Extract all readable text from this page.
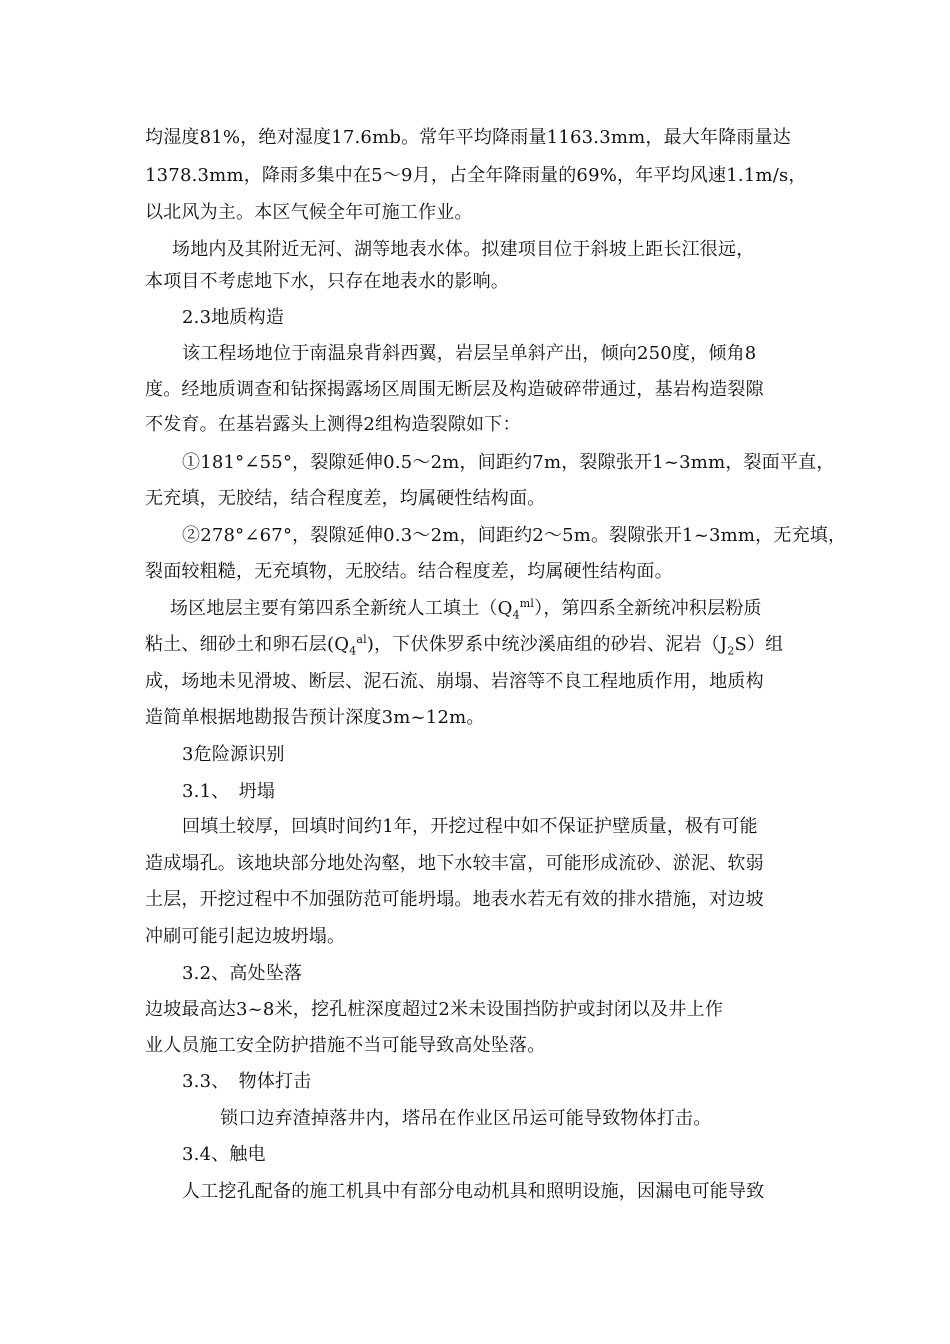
均湿度81%，绝对湿度17.6mb。常年平均降雨量1163.3mm，最大年降雨量达
1378.3mm，降雨多集中在5～9月，占全年降雨量的69%，年平均风速1.1m/s，
以北风为主。本区气候全年可施工作业。
场地内及其附近无河、湖等地表水体。拟建项目位于斜坡上距长江很远，
本项目不考虑地下水，只存在地表水的影响。
2.3地质构造
该工程场地位于南温泉背斜西翼，岩层呈单斜产出，倾向250度，倾角8
度。经地质调查和钻探揭露场区周围无断层及构造破碎带通过，基岩构造裂隙
不发育。在基岩露头上测得2组构造裂隙如下：
①181°∠55°，裂隙延伸0.5～2m，间距约7m，裂隙张开1~3mm，裂面平直，
无充填，无胶结，结合程度差，均属硬性结构面。
②278°∠67°，裂隙延伸0.3～2m，间距约2～5m。裂隙张开1~3mm，无充填，
裂面较粗糙，无充填物，无胶结。结合程度差，均属硬性结构面。
场区地层主要有第四系全新统人工填土$(Q_4^{ml})$，第四系全新统冲积层粉质
粘土、细砂土和卵石层$(Q_4^{al})$，下伏侏罗系中统沙溪庙组的砂岩、泥岩$(J_2S)$组
成，场地未见滑坡、断层、泥石流、崩塌、岩溶等不良工程地质作用，地质构
造简单根据地勘报告预计深度3m~12m。
3危险源识别
3.1、　坍塌
回填土较厚，回填时间约1年，开挖过程中如不保证护壁质量，极有可能
造成塌孔。该地块部分地处沟壑，地下水较丰富，可能形成流砂、淤泥、软弱
土层，开挖过程中不加强防范可能坍塌。地表水若无有效的排水措施，对边坡
冲刷可能引起边坡坍塌。
3.2、高处坠落
边坡最高达3~8米，挖孔桩深度超过2米未设围挡防护或封闭以及井上作
业人员施工安全防护措施不当可能导致高处坠落。
3.3、　物体打击
锁口边弃渣掉落井内，塔吊在作业区吊运可能导致物体打击。
3.4、触电
人工挖孔配备的施工机具中有部分电动机具和照明设施，因漏电可能导致
